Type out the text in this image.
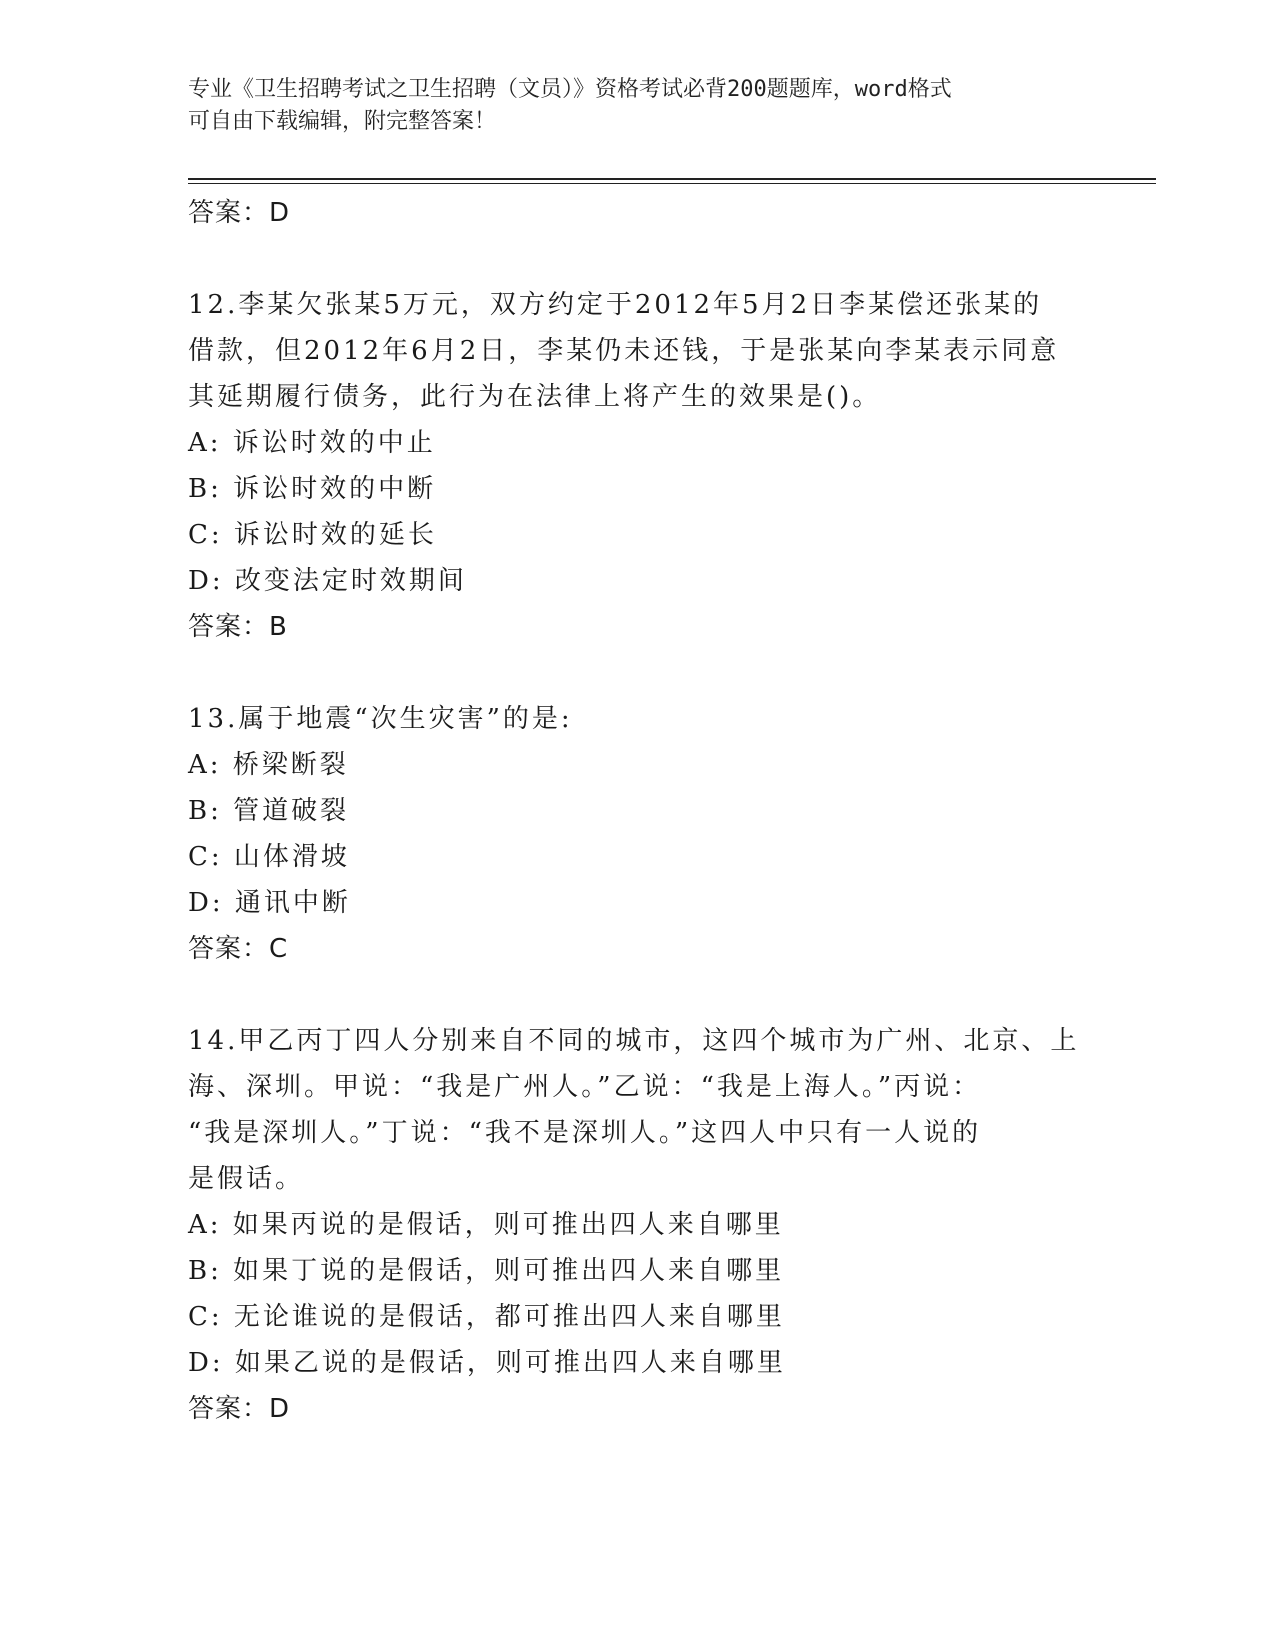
专业《卫生招聘考试之卫生招聘（文员）》资格考试必背200题题库，word格式
可自由下载编辑，附完整答案！
答案：D
12.李某欠张某5万元，双方约定于2012年5月2日李某偿还张某的
借款，但2012年6月2日，李某仍未还钱，于是张某向李某表示同意
其延期履行债务，此行为在法律上将产生的效果是()。
A: 诉讼时效的中止
B: 诉讼时效的中断
C: 诉讼时效的延长
D: 改变法定时效期间
答案：B
13.属于地震“次生灾害”的是:
A: 桥梁断裂
B: 管道破裂
C: 山体滑坡
D: 通讯中断
答案：C
14.甲乙丙丁四人分别来自不同的城市，这四个城市为广州、北京、上
海、深圳。甲说：“我是广州人。”乙说：“我是上海人。”丙说：
“我是深圳人。”丁说：“我不是深圳人。”这四人中只有一人说的
是假话。
A: 如果丙说的是假话，则可推出四人来自哪里
B: 如果丁说的是假话，则可推出四人来自哪里
C: 无论谁说的是假话，都可推出四人来自哪里
D: 如果乙说的是假话，则可推出四人来自哪里
答案：D
